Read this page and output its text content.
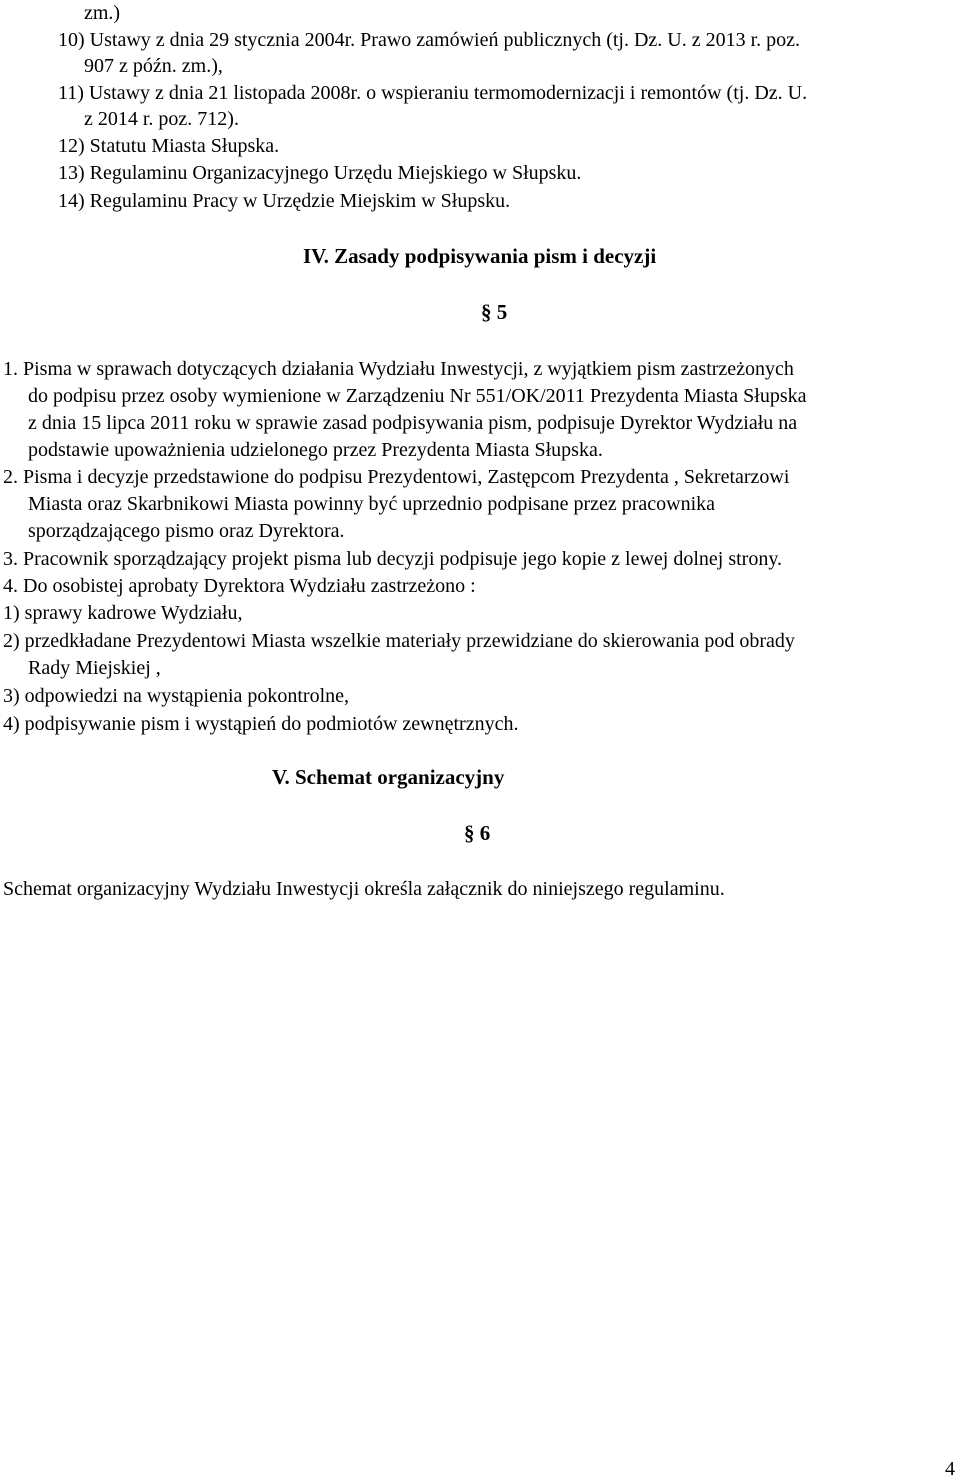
zm.)
10) Ustawy z dnia 29 stycznia 2004r. Prawo zamówień publicznych (tj. Dz. U. z 2013 r. poz.
907 z późn. zm.),
11) Ustawy z dnia 21 listopada 2008r. o wspieraniu termomodernizacji i remontów (tj. Dz. U.
z 2014 r. poz. 712).
12) Statutu Miasta Słupska.
13) Regulaminu Organizacyjnego Urzędu Miejskiego w Słupsku.
14) Regulaminu Pracy w Urzędzie Miejskim w Słupsku.
IV. Zasady podpisywania pism i decyzji
§ 5
1. Pisma w sprawach dotyczących działania Wydziału Inwestycji, z wyjątkiem pism zastrzeżonych
do podpisu przez osoby wymienione w Zarządzeniu Nr 551/OK/2011 Prezydenta Miasta Słupska
z dnia 15 lipca 2011 roku w sprawie zasad podpisywania pism, podpisuje Dyrektor Wydziału na
podstawie upoważnienia udzielonego przez Prezydenta Miasta Słupska.
2. Pisma i decyzje przedstawione do podpisu Prezydentowi, Zastępcom Prezydenta , Sekretarzowi
Miasta oraz Skarbnikowi Miasta powinny być uprzednio podpisane przez pracownika
sporządzającego pismo oraz Dyrektora.
3. Pracownik sporządzający projekt pisma lub decyzji podpisuje jego kopie z lewej dolnej strony.
4. Do osobistej aprobaty Dyrektora Wydziału zastrzeżono :
1) sprawy kadrowe Wydziału,
2) przedkładane Prezydentowi Miasta wszelkie materiały przewidziane do skierowania pod obrady
Rady Miejskiej ,
3) odpowiedzi na wystąpienia pokontrolne,
4) podpisywanie pism i wystąpień do podmiotów zewnętrznych.
V. Schemat organizacyjny
§ 6
Schemat organizacyjny Wydziału Inwestycji określa załącznik do niniejszego regulaminu.
4
